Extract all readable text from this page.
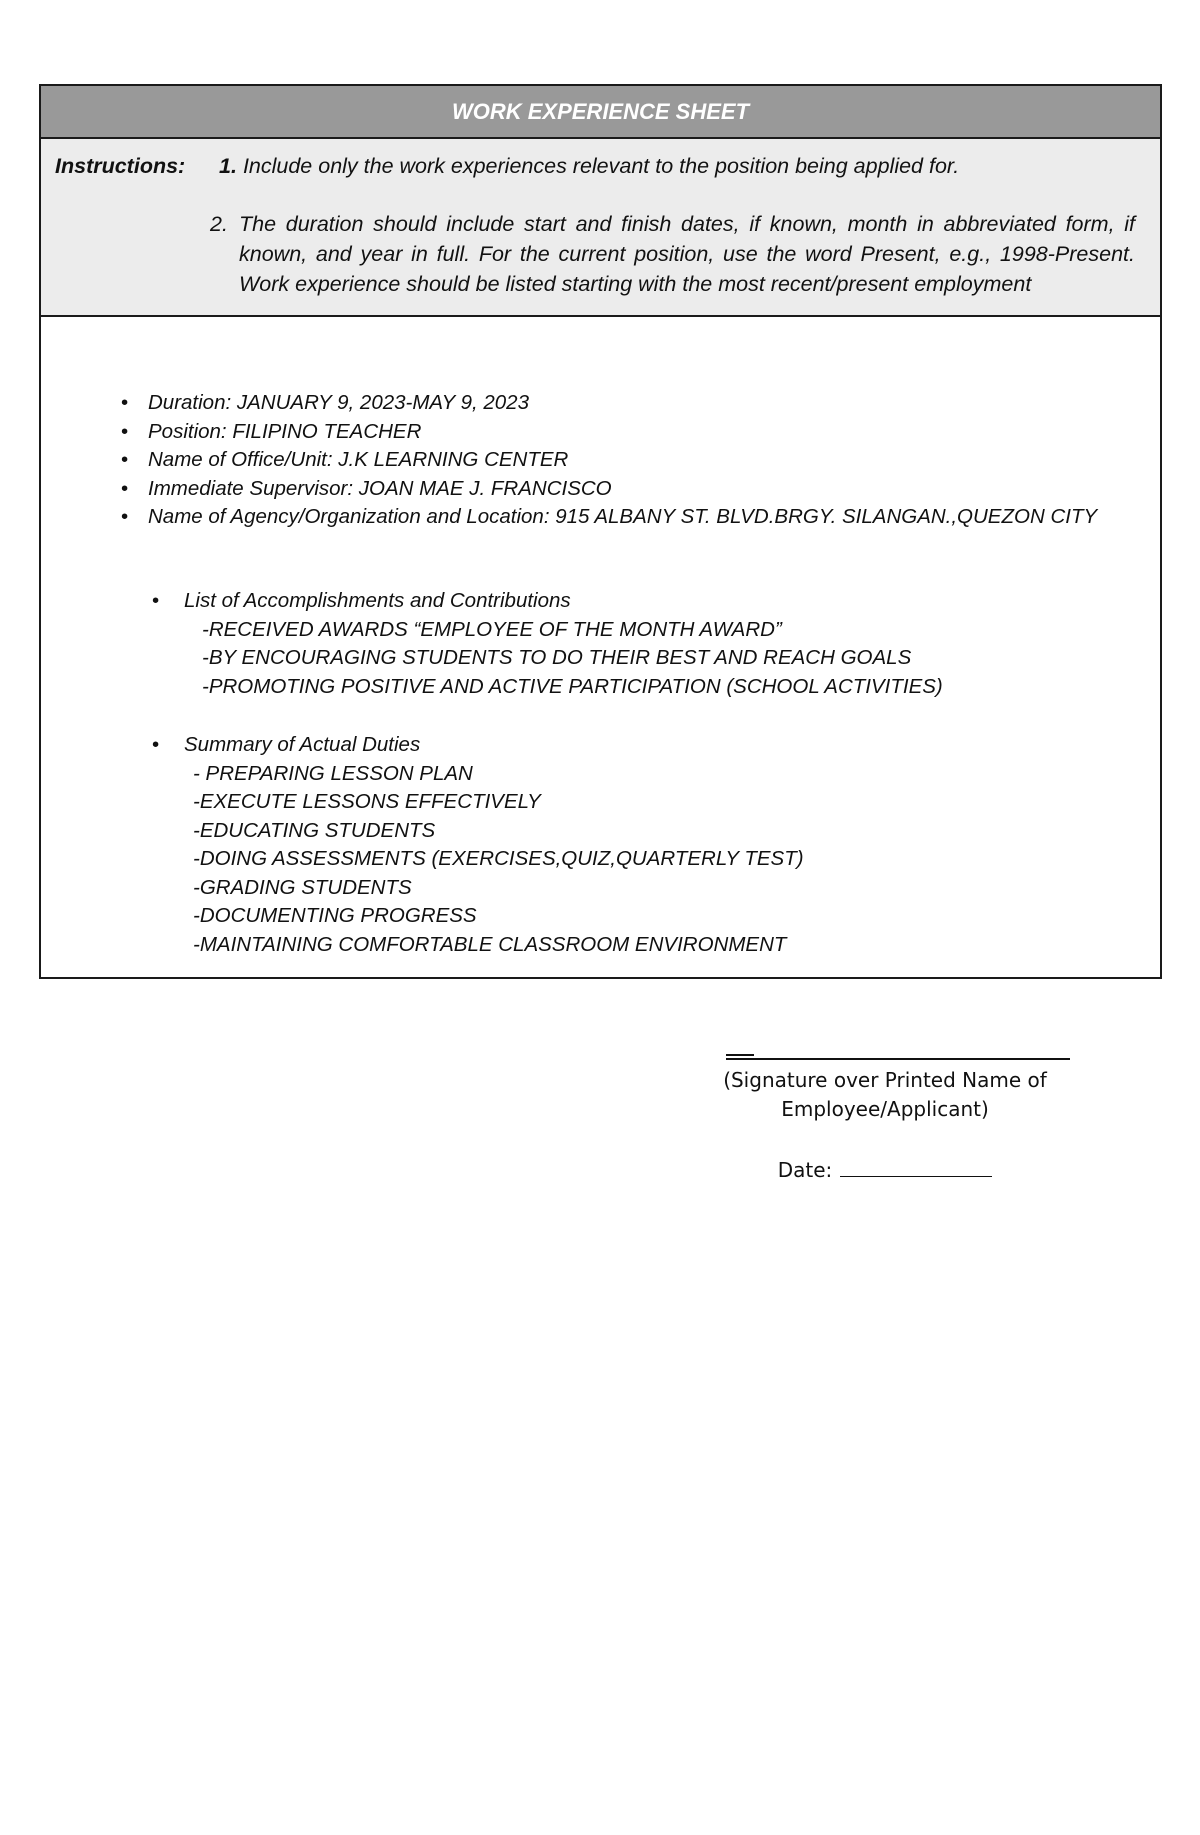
WORK EXPERIENCE SHEET
Instructions: 1. Include only the work experiences relevant to the position being applied for.
2. The duration should include start and finish dates, if known, month in abbreviated form, if known, and year in full. For the current position, use the word Present, e.g., 1998-Present. Work experience should be listed starting with the most recent/present employment
• Duration: JANUARY 9, 2023-MAY 9, 2023
• Position: FILIPINO TEACHER
• Name of Office/Unit: J.K LEARNING CENTER
• Immediate Supervisor: JOAN MAE J. FRANCISCO
• Name of Agency/Organization and Location: 915 ALBANY ST. BLVD.BRGY. SILANGAN.,QUEZON CITY
• List of Accomplishments and Contributions
-RECEIVED AWARDS “EMPLOYEE OF THE MONTH AWARD”
-BY ENCOURAGING STUDENTS TO DO THEIR BEST AND REACH GOALS
-PROMOTING POSITIVE AND ACTIVE PARTICIPATION (SCHOOL ACTIVITIES)
• Summary of Actual Duties
- PREPARING LESSON PLAN
-EXECUTE LESSONS EFFECTIVELY
-EDUCATING STUDENTS
-DOING ASSESSMENTS (EXERCISES,QUIZ,QUARTERLY TEST)
-GRADING STUDENTS
-DOCUMENTING PROGRESS
-MAINTAINING COMFORTABLE CLASSROOM ENVIRONMENT
(Signature over Printed Name of
Employee/Applicant)
Date:
